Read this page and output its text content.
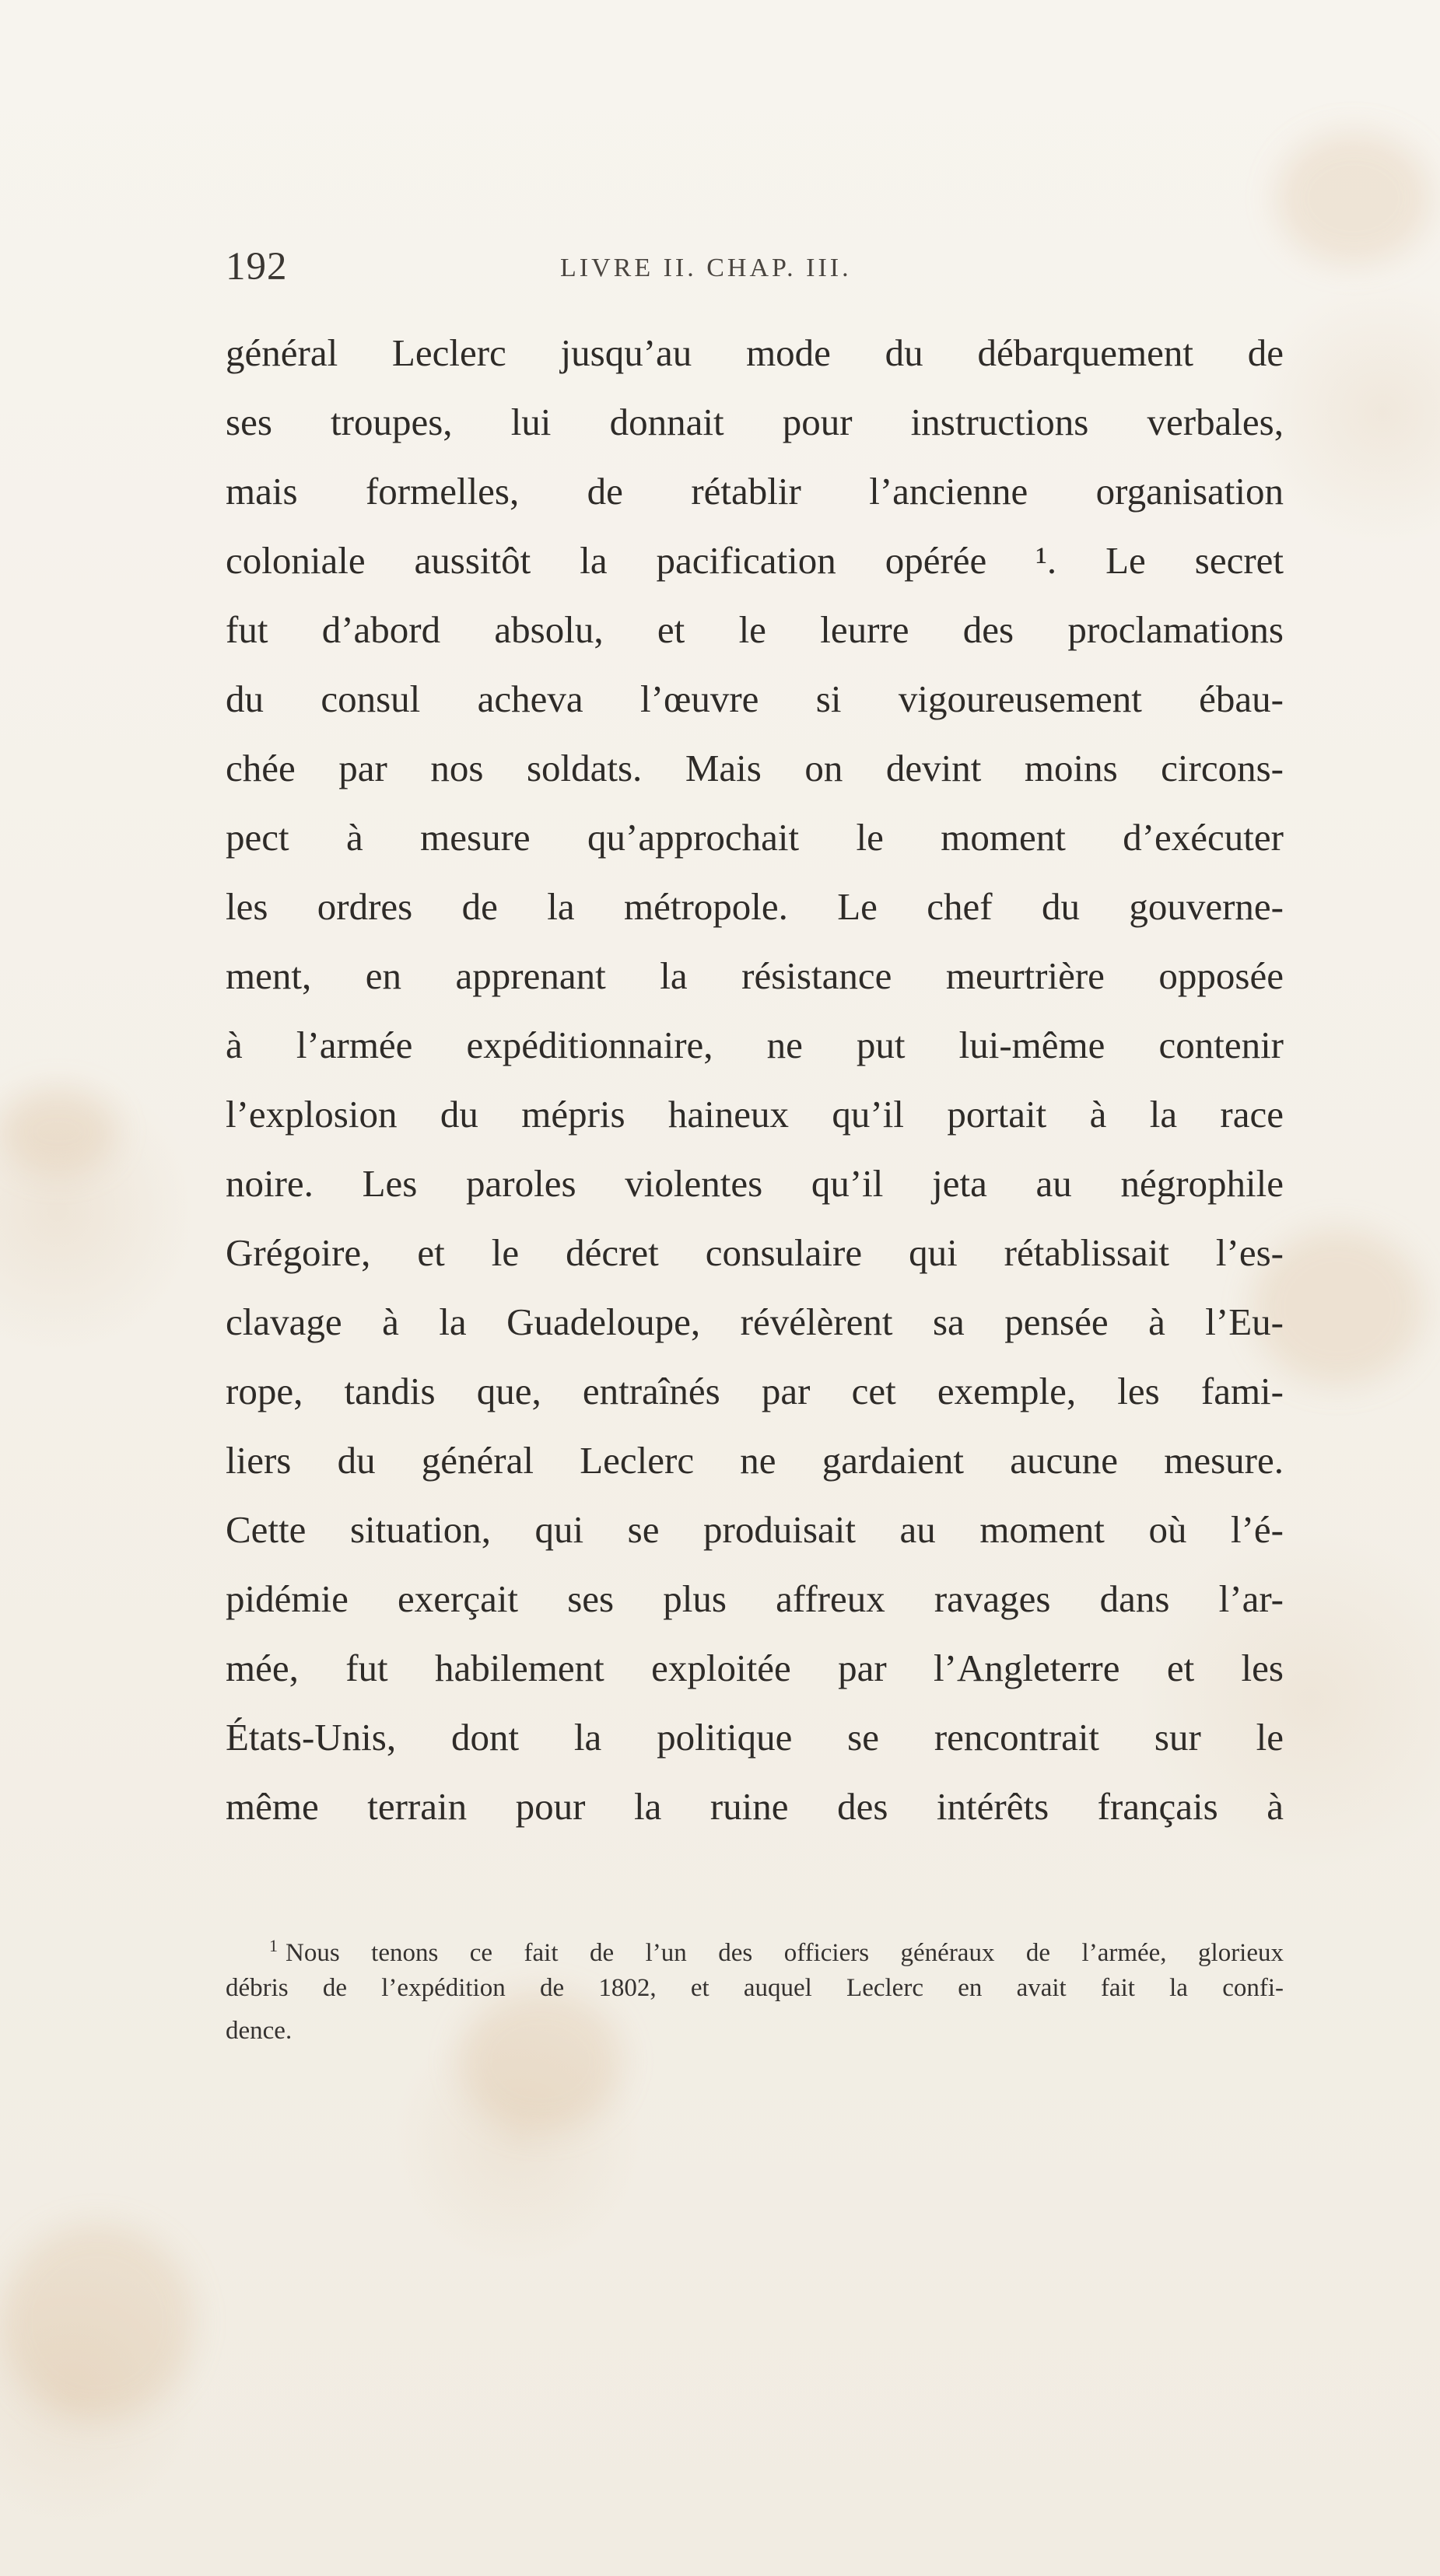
192	LIVRE II. CHAP. III.
général Leclerc jusqu’au mode du débarquement de
ses troupes, lui donnait pour instructions verbales,
mais formelles, de rétablir l’ancienne organisation
coloniale aussitôt la pacification opérée ¹. Le secret
fut d’abord absolu, et le leurre des proclamations
du consul acheva l’œuvre si vigoureusement ébau-
chée par nos soldats. Mais on devint moins circons-
pect à mesure qu’approchait le moment d’exécuter
les ordres de la métropole. Le chef du gouverne-
ment, en apprenant la résistance meurtrière opposée
à l’armée expéditionnaire, ne put lui-même contenir
l’explosion du mépris haineux qu’il portait à la race
noire. Les paroles violentes qu’il jeta au négrophile
Grégoire, et le décret consulaire qui rétablissait l’es-
clavage à la Guadeloupe, révélèrent sa pensée à l’Eu-
rope, tandis que, entraînés par cet exemple, les fami-
liers du général Leclerc ne gardaient aucune mesure.
Cette situation, qui se produisait au moment où l’é-
pidémie exerçait ses plus affreux ravages dans l’ar-
mée, fut habilement exploitée par l’Angleterre et les
États-Unis, dont la politique se rencontrait sur le
même terrain pour la ruine des intérêts français à
$^1$ Nous tenons ce fait de l’un des officiers généraux de l’armée, glorieux
débris de l’expédition de 1802, et auquel Leclerc en avait fait la confi-
dence.
